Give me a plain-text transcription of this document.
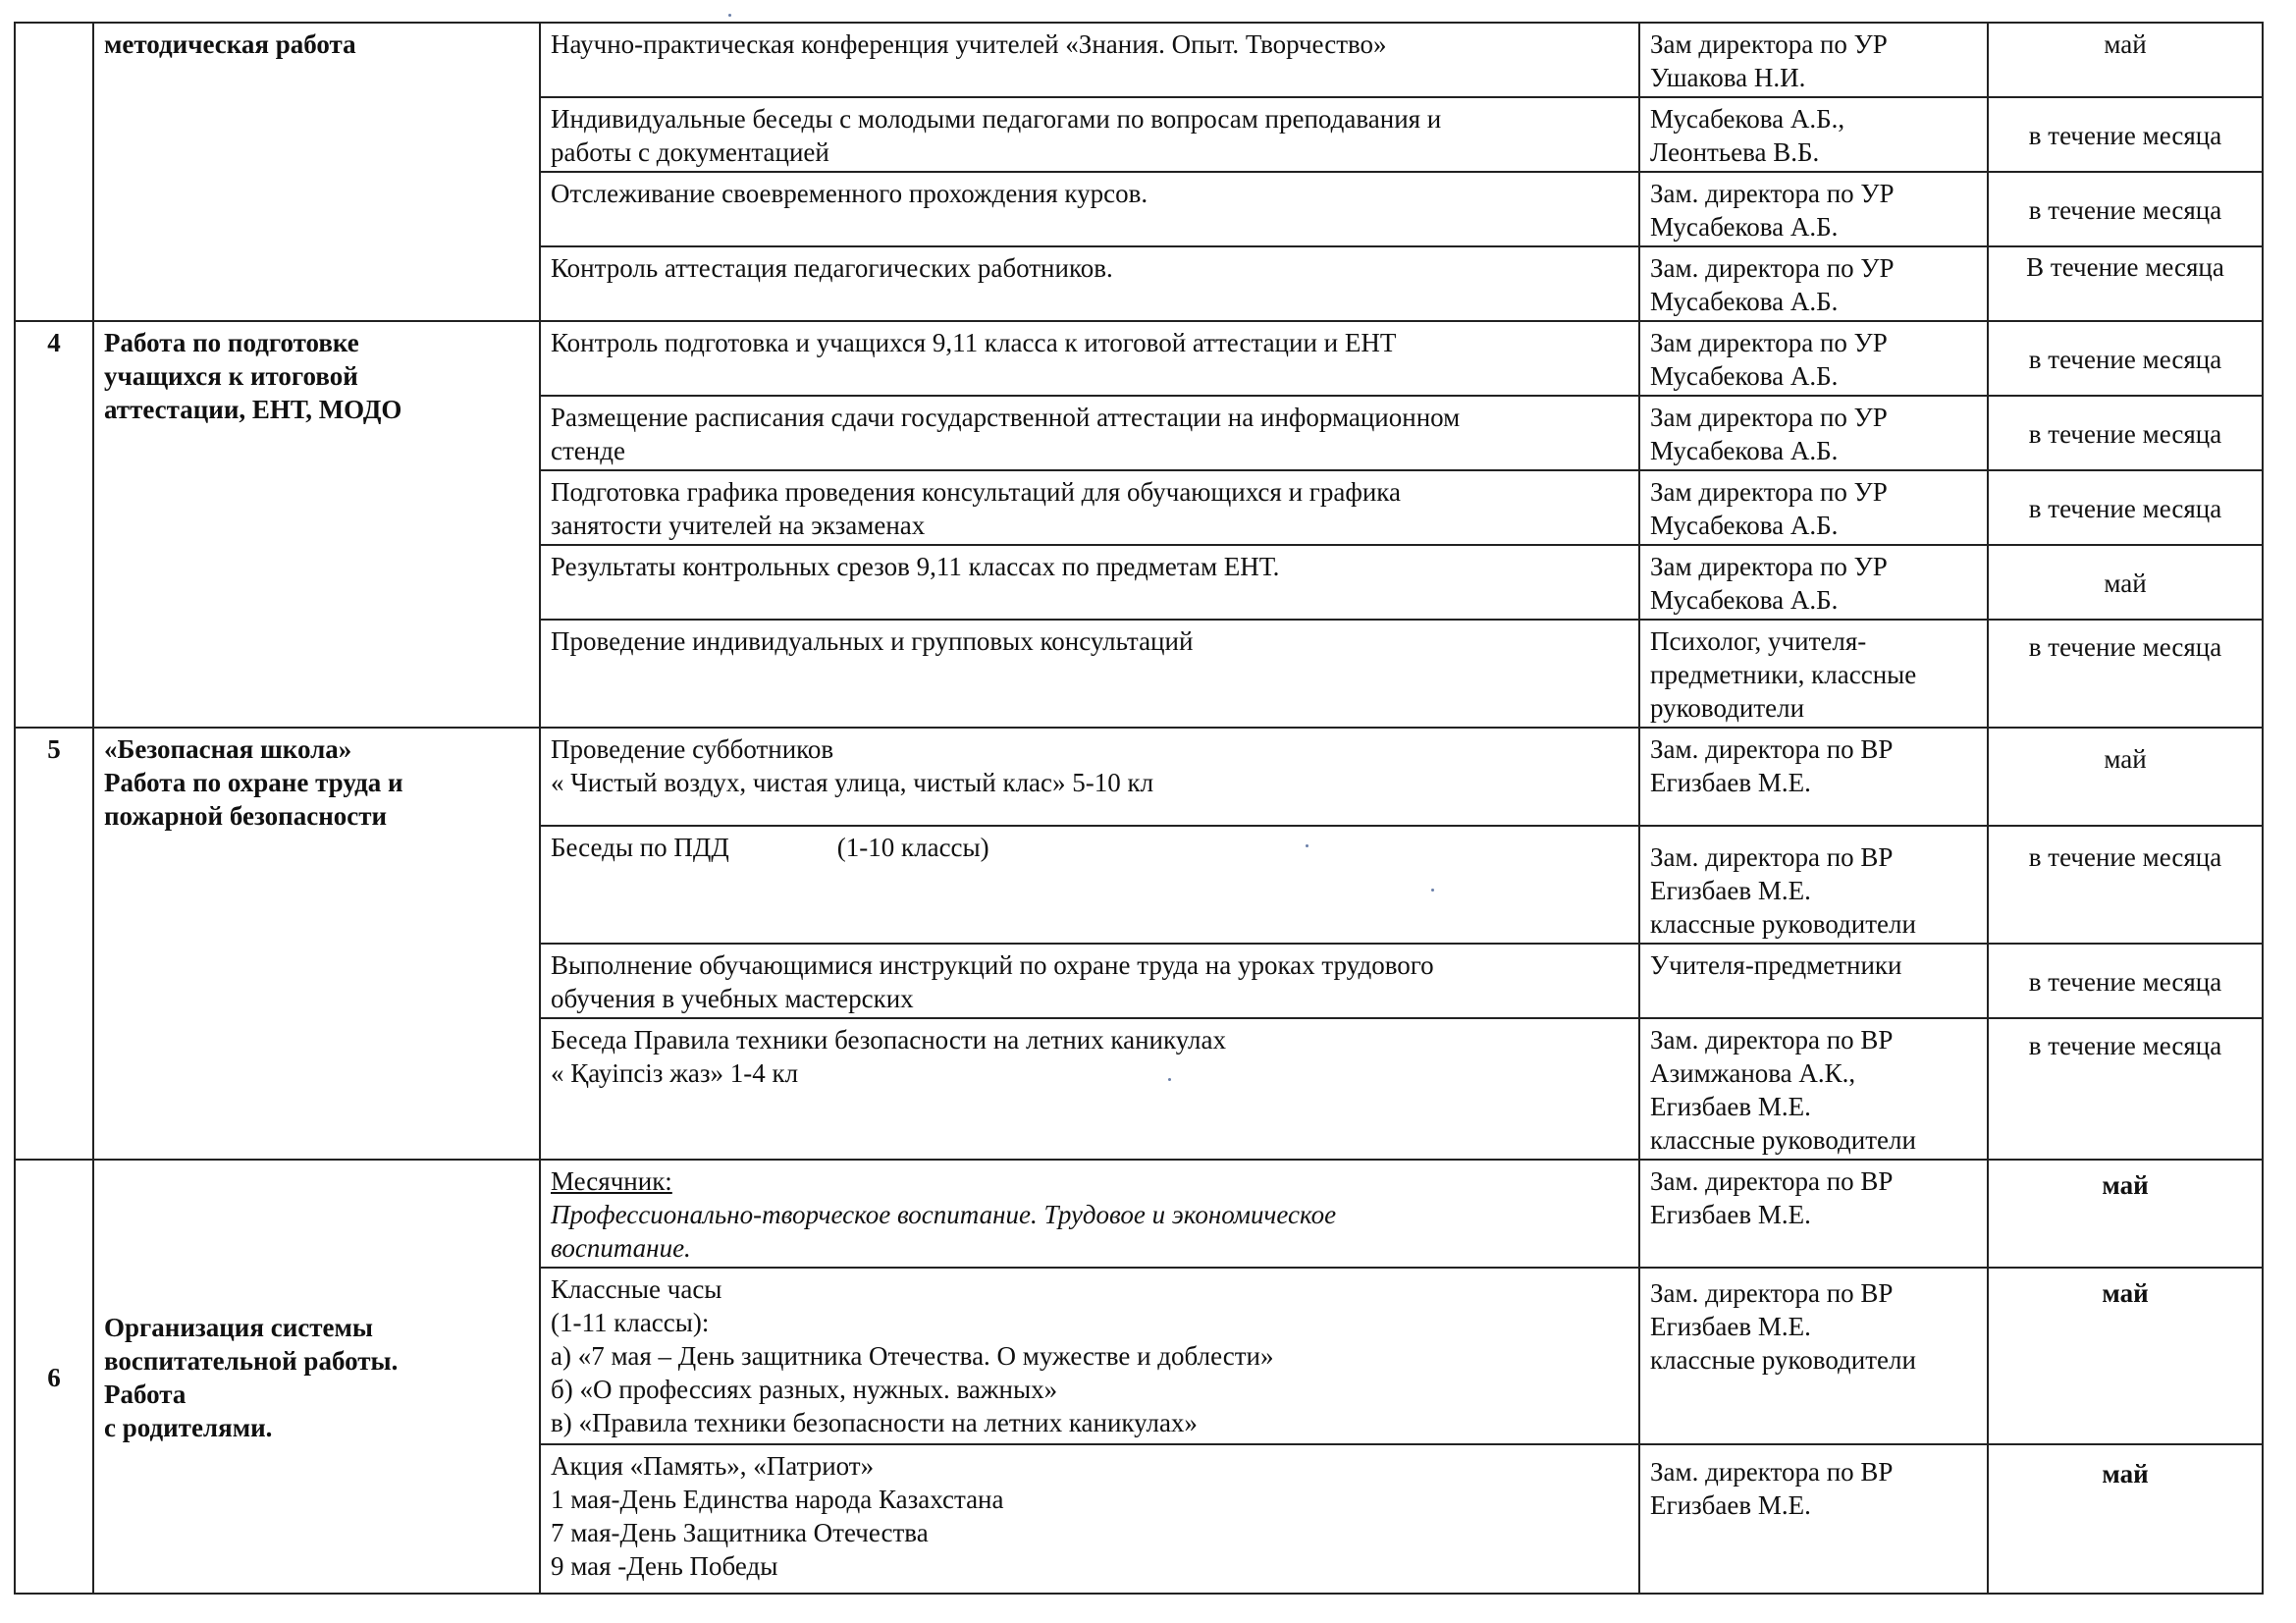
	методическая работа	Научно-практическая конференция учителей «Знания. Опыт. Творчество»	Зам директора по УР
Ушакова Н.И.	май

		Индивидуальные беседы с молодыми педагогами по вопросам преподавания и
работы с документацией	Мусабекова А.Б.,
Леонтьева В.Б.	в течение месяца

		Отслеживание своевременного прохождения курсов.	Зам. директора по УР
Мусабекова А.Б.	в течение месяца

		Контроль аттестация педагогических работников.	Зам. директора по УР
Мусабекова А.Б.	В течение месяца
4	Работа по подготовке
учащихся к итоговой
аттестации, ЕНТ, МОДО	Контроль подготовка и учащихся 9,11 класса к итоговой аттестации и ЕНТ	Зам директора по УР
Мусабекова А.Б.	в течение месяца

		Размещение расписания сдачи государственной аттестации на информационном
стенде	Зам директора по УР
Мусабекова А.Б.	в течение месяца

		Подготовка графика проведения консультаций для обучающихся и графика
занятости учителей на экзаменах	Зам директора по УР
Мусабекова А.Б.	в течение месяца

		Результаты контрольных срезов 9,11 классах по предметам ЕНТ.	Зам директора по УР
Мусабекова А.Б.	май

		Проведение индивидуальных и групповых консультаций	Психолог, учителя-
предметники, классные
руководители	в течение месяца
5	«Безопасная школа»
Работа по охране труда и
пожарной безопасности	Проведение субботников
« Чистый воздух, чистая улица, чистый клас» 5-10 кл	Зам. директора по ВР
Егизбаев М.Е.	май

		Беседы по ПДД (1-10 классы)	Зам. директора по ВР
Егизбаев М.Е.
классные руководители	в течение месяца

		Выполнение обучающимися инструкций по охране труда на уроках трудового
обучения в учебных мастерских	Учителя-предметники	в течение месяца

		Беседа Правила техники безопасности на летних каникулах
« Қауіпсіз жаз» 1-4 кл	Зам. директора по ВР
Азимжанова А.К.,
Егизбаев М.Е.
классные руководители	в течение месяца
6	Организация системы
воспитательной работы.
Работа
с родителями.	Месячник:
Профессионально-творческое воспитание. Трудовое и экономическое
воспитание.	Зам. директора по ВР
Егизбаев М.Е.	май

		Классные часы
(1-11 классы):
а) «7 мая – День защитника Отечества. О мужестве и доблести»
б) «О профессиях разных, нужных. важных»
в) «Правила техники безопасности на летних каникулах»	Зам. директора по ВР
Егизбаев М.Е.
классные руководители	май

		Акция «Память», «Патриот»
1 мая-День Единства народа Казахстана
7 мая-День Защитника Отечества
9 мая -День Победы	Зам. директора по ВР
Егизбаев М.Е.	май
